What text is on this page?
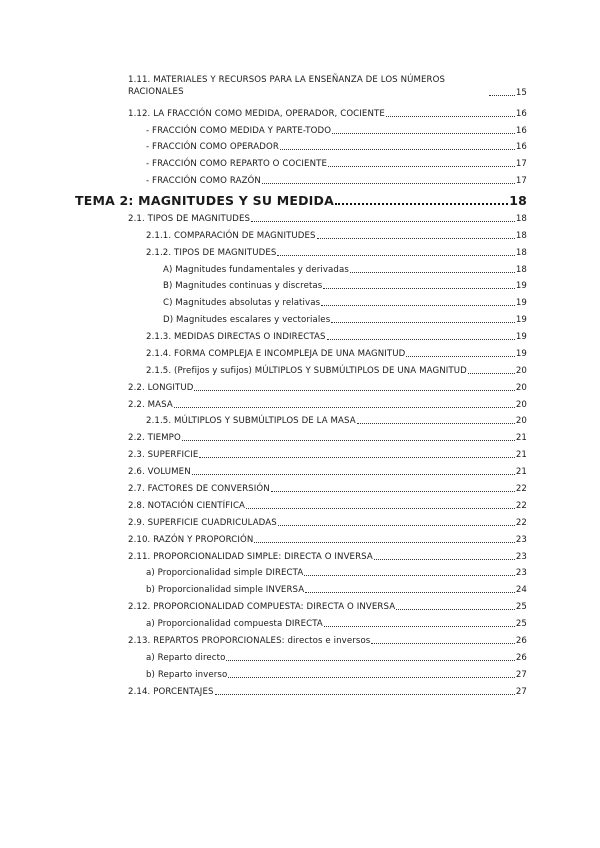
1.11. MATERIALES Y RECURSOS PARA LA ENSEÑANZA DE LOS NÚMEROS
RACIONALES	15
1.12. LA FRACCIÓN COMO MEDIDA, OPERADOR, COCIENTE	16
- FRACCIÓN COMO MEDIDA Y PARTE-TODO	16
- FRACCIÓN COMO OPERADOR	16
- FRACCIÓN COMO REPARTO O COCIENTE	17
- FRACCIÓN COMO RAZÓN	17
TEMA 2: MAGNITUDES Y SU MEDIDA	18
2.1. TIPOS DE MAGNITUDES	18
2.1.1. COMPARACIÓN DE MAGNITUDES	18
2.1.2. TIPOS DE MAGNITUDES	18
A) Magnitudes fundamentales y derivadas	18
B) Magnitudes continuas y discretas	19
C) Magnitudes absolutas y relativas	19
D) Magnitudes escalares y vectoriales	19
2.1.3. MEDIDAS DIRECTAS O INDIRECTAS	19
2.1.4. FORMA COMPLEJA E INCOMPLEJA DE UNA MAGNITUD	19
2.1.5. (Prefijos y sufijos) MÚLTIPLOS Y SUBMÚLTIPLOS DE UNA MAGNITUD	20
2.2. LONGITUD	20
2.2. MASA	20
2.1.5. MÚLTIPLOS Y SUBMÚLTIPLOS DE LA MASA	20
2.2. TIEMPO	21
2.3. SUPERFICIE	21
2.6. VOLUMEN	21
2.7. FACTORES DE CONVERSIÓN	22
2.8. NOTACIÓN CIENTÍFICA	22
2.9. SUPERFICIE CUADRICULADAS	22
2.10. RAZÓN Y PROPORCIÓN	23
2.11. PROPORCIONALIDAD SIMPLE: DIRECTA O INVERSA	23
a) Proporcionalidad simple DIRECTA	23
b) Proporcionalidad simple INVERSA	24
2.12. PROPORCIONALIDAD COMPUESTA: DIRECTA O INVERSA	25
a) Proporcionalidad compuesta DIRECTA	25
2.13. REPARTOS PROPORCIONALES: directos e inversos	26
a) Reparto directo	26
b) Reparto inverso	27
2.14. PORCENTAJES	27
